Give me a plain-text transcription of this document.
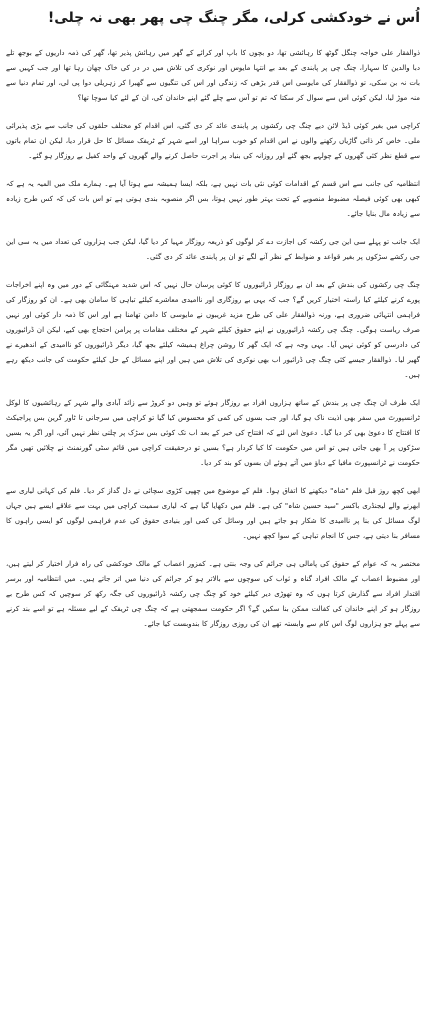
اُس نے خودکشی کرلی، مگر چنگ چی پھر بھی نہ چلی!

ذوالفقار علی خواجہ چنگل گوٹھ کا رہائشی تھا، دو بچوں کا باپ اور کرائے کے گھر میں رہائش پذیر تھا، گھر کی ذمہ داریوں کے بوجھ تلے دبا والدین کا سہارا، چنگ چی پر پابندی کے بعد بے انتہا مایوس اور نوکری کی تلاش میں در در کی خاک چھان رہا تھا اور جب کہیں سے بات نہ بن سکی، تو ذوالفقار کی مایوسی اس قدر بڑھی کہ زندگی اور اس کی تنگیوں سے گھبرا کر زہریلی دوا پی لی، اور تمام دنیا سے منہ موڑ لیا، لیکن کوئی اس سے سوال کر سکتا کہ تم تو آس سے چلے گئے اپنے خاندان کی، ان کے لئے کیا سوچا تھا؟

کراچی میں بغیر کوئی ڈیڈ لائن دیے چنگ چی رکشوں پر پابندی عائد کر دی گئی، اس اقدام کو مختلف حلقوں کی جانب سے بڑی پذیرائی ملی۔ خاص کر ذاتی گاڑیاں رکھنے والوں نے اس اقدام کو خوب سراہا اور اسے شہر کے ٹریفک مسائل کا حل قرار دیا، لیکن ان تمام باتوں سے قطع نظر کئی گھروں کے چولہے بجھ گئے اور روزانہ کی بنیاد پر اجرت حاصل کرنے والے گھروں کے واحد کفیل بے روزگار ہو گئے۔

انتظامیہ کی جانب سے اس قسم کے اقدامات کوئی نئی بات نہیں ہے، بلکہ ایسا ہمیشہ سے ہوتا آیا ہے۔ ہمارے ملک میں المیہ یہ ہے کہ کبھی بھی کوئی فیصلہ مضبوط منصوبے کے تحت بہتر طور نہیں ہوتا، بس اگر منصوبہ بندی ہوتی ہے تو اس بات کی کہ کس طرح زیادہ سے زیادہ مال بنایا جائے۔

ایک جانب تو پہلے سی این جی رکشہ کی اجازت دے کر لوگوں کو ذریعہ روزگار مہیا کر دیا گیا، لیکن جب ہزاروں کی تعداد میں یہ سی این جی رکشے سڑکوں پر بغیر قواعد و ضوابط کے نظر آنے لگے تو ان پر پابندی عائد کر دی گئی۔

چنگ چی رکشوں کی بندش کے بعد ان بے روزگار ڈرائیوروں کا کوئی پرسان حال نہیں کہ اس شدید مہنگائی کے دور میں وہ اپنے اخراجات پورے کرنے کیلئے کیا راستہ اختیار کریں گے؟ جب کہ یہی بے روزگاری اور ناامیدی معاشرے کیلئے تباہی کا سامان بھی ہے۔ ان کو روزگار کی فراہمی انتہائی ضروری ہے، ورنہ ذوالفقار علی کی طرح مزید غریبوں نے مایوسی کا دامن تھامنا ہے اور اس کا ذمہ دار کوئی اور نہیں صرف ریاست ہوگی۔ چنگ چی رکشہ ڈرائیوروں نے اپنے حقوق کیلئے شہر کے مختلف مقامات پر پرامن احتجاج بھی کیے، لیکن ان ڈرائیوروں کی دادرسی کو کوئی نہیں آیا۔ یہی وجہ ہے کہ ایک گھر کا روشن چراغ ہمیشہ کیلئے بجھ گیا، دیگر ڈرائیوروں کو ناامیدی کے اندھیرے نے گھیر لیا۔ ذوالفقار جیسے کئی چنگ چی ڈرائیور اب بھی نوکری کی تلاش میں ہیں اور اپنے مسائل کے حل کیلئے حکومت کی جانب دیکھ رہے ہیں۔

ایک طرف ان چنگ چی پر بندش کے ساتھ ہزاروں افراد بے روزگار ہوئے تو وہیں دو کروڑ سے زائد آبادی والے شہر کے رہائشیوں کا لوکل ٹرانسپورٹ میں سفر بھی اذیت ناک ہو گیا، اور جب بسوں کی کمی کو محسوس کیا گیا تو کراچی میں سرجانی تا ٹاور گرین بس پراجیکٹ کا افتتاح کا دعویٰ بھی کر دیا گیا۔ دعویٰ اس لئے کہ افتتاح کی خبر کے بعد اب تک کوئی بس سڑک پر چلتی نظر نہیں آئی، اور اگر یہ بسیں سڑکوں پر آ بھی جاتی ہیں تو اس میں حکومت کا کیا کردار ہے؟ بسیں تو درحقیقت کراچی میں قائم سٹی گورنمنٹ نے چلائیں تھیں مگر حکومت نے ٹرانسپورٹ مافیا کے دباؤ میں آتے ہوئے ان بسوں کو بند کر دیا۔

ابھی کچھ روز قبل فلم "شاہ" دیکھنے کا اتفاق ہوا۔ فلم کے موضوع میں چھپی کڑوی سچائی نے دل گداز کر دیا۔ فلم کی کہانی لیاری سے ابھرنے والے لیجنڈری باکسر "سید حسین شاہ" کی ہے۔ فلم میں دکھایا گیا ہے کہ لیاری سمیت کراچی میں بہت سے علاقے ایسے ہیں جہاں لوگ مسائل کی بنا پر ناامیدی کا شکار ہو جاتے ہیں اور وسائل کی کمی اور بنیادی حقوق کی عدم فراہمی لوگوں کو ایسی راہوں کا مسافر بنا دیتی ہے، جس کا انجام تباہی کے سوا کچھ نہیں۔

مختصر یہ کہ عوام کے حقوق کی پامالی ہی جرائم کی وجہ بنتی ہے۔ کمزور اعصاب کے مالک خودکشی کی راہ فرار اختیار کر لیتے ہیں، اور مضبوط اعصاب کے مالک افراد گناہ و ثواب کی سوچوں سے بالاتر ہو کر جرائم کی دنیا میں اتر جاتے ہیں۔ میں انتظامیہ اور برسر اقتدار افراد سے گذارش کرتا ہوں کہ وہ تھوڑی دیر کیلئے خود کو چنگ چی رکشہ ڈرائیوروں کی جگہ رکھ کر سوچیں کہ کس طرح بے روزگار ہو کر اپنے خاندان کی کفالت ممکن بنا سکیں گے؟ اگر حکومت سمجھتی ہے کہ چنگ چی ٹریفک کے لیے مسئلہ ہے تو اسے بند کرنے سے پہلے جو ہزاروں لوگ اس کام سے وابستہ تھے ان کی روزی روزگار کا بندوبست کیا جائے۔
